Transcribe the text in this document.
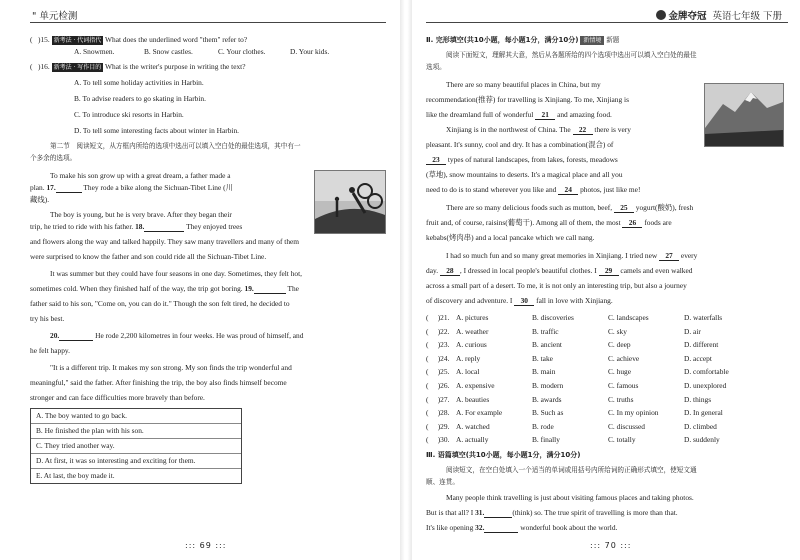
" 单元检测
( )15. 新考法 · 代词指代 What does the underlined word "them" refer to?
A. Snowmen.	B. Snow castles.	C. Your clothes.	D. Your kids.
( )16. 新考法 · 写作目的 What is the writer's purpose in writing the text?
A. To tell some holiday activities in Harbin.
B. To advise readers to go skating in Harbin.
C. To introduce ski resorts in Harbin.
D. To tell some interesting facts about winter in Harbin.
第二节　阅读短文，从方框内所给的选项中选出可以填入空白处的最佳选项，其中有一
个多余的选项。
To make his son grow up with a great dream, a father made a
plan. 17.	They rode a bike along the Sichuan-Tibet Line (川
藏线).
The boy is young, but he is very brave. After they began their
trip, he tried to ride with his father. 18.	They enjoyed trees
and flowers along the way and talked happily. They saw many travellers and many of them
were surprised to know the father and son could ride all the Sichuan-Tibet Line.
It was summer but they could have four seasons in one day. Sometimes, they felt hot,
sometimes cold. When they finished half of the way, the trip got boring. 19.	The
father said to his son, "Come on, you can do it." Though the son felt tired, he decided to
try his best.
20.	He rode 2,200 kilometres in four weeks. He was proud of himself, and
he felt happy.
"It is a different trip. It makes my son strong. My son finds the trip wonderful and
meaningful," said the father. After finishing the trip, the boy also finds himself become
stronger and can face difficulties more bravely than before.
A. The boy wanted to go back.
B. He finished the plan with his son.
C. They tried another way.
D. At first, it was so interesting and exciting for them.
E. At last, the boy made it.
::: 69 :::
金牌夺冠 英语七年级 下册
Ⅱ. 完形填空(共10小题，每小题1分，满分10分) 新情境 新题
阅读下面短文，理解其大意，然后从各题所给的四个选项中选出可以填入空白处的最佳
选项。
There are so many beautiful places in China, but my
recommendation(推荐) for travelling is Xinjiang. To me, Xinjiang is
like the dreamland full of wonderful 21 and amazing food.
Xinjiang is in the northwest of China. The 22 there is very
pleasant. It's sunny, cool and dry. It has a combination(混合) of
23 types of natural landscapes, from lakes, forests, meadows
(草地), snow mountains to deserts. It's a magical place and all you
need to do is to stand wherever you like and 24 photos, just like me!
There are so many delicious foods such as mutton, beef, 25 yogurt(酸奶), fresh
fruit and, of course, raisins(葡萄干). Among all of them, the most 26 foods are
kebabs(烤肉串) and a local pancake which we call nang.
I had so much fun and so many great memories in Xinjiang. I tried new 27 every
day. 28 , I dressed in local people's beautiful clothes. I 29 camels and even walked
across a small part of a desert. To me, it is not only an interesting trip, but also a journey
of discovery and adventure. I 30 fall in love with Xinjiang.
( 　)21. A. pictures	B. discoveries	C. landscapes	D. waterfalls
( 　)22. A. weather	B. traffic	C. sky	D. air
( 　)23. A. curious	B. ancient	C. deep	D. different
( 　)24. A. reply	B. take	C. achieve	D. accept
( 　)25. A. local	B. main	C. huge	D. comfortable
( 　)26. A. expensive	B. modern	C. famous	D. unexplored
( 　)27. A. beauties	B. awards	C. truths	D. things
( 　)28. A. For example	B. Such as	C. In my opinion	D. In general
( 　)29. A. watched	B. rode	C. discussed	D. climbed
( 　)30. A. actually	B. finally	C. totally	D. suddenly
Ⅲ. 语篇填空(共10小题，每小题1分，满分10分)
阅读短文，在空白处填入一个适当的单词或用括号内所给词的正确形式填空，使短文通
顺、连贯。
Many people think travelling is just about visiting famous places and taking photos.
But is that all? I 31.	(think) so. The true spirit of travelling is more than that.
It's like opening 32.	wonderful book about the world.
::: 70 :::
